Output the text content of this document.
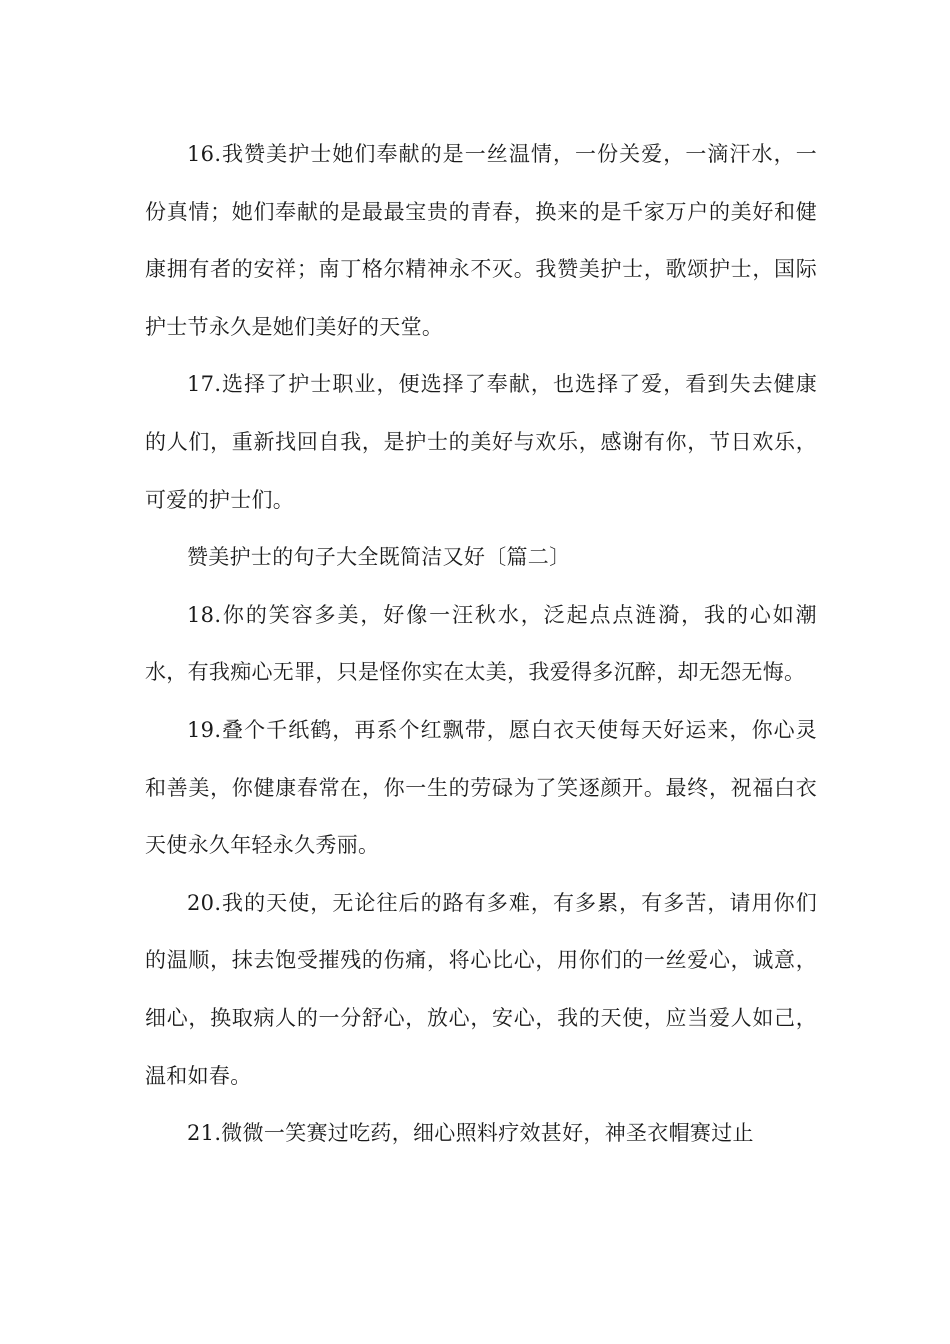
16.我赞美护士她们奉献的是一丝温情，一份关爱，一滴汗水，一份真情；她们奉献的是最最宝贵的青春，换来的是千家万户的美好和健康拥有者的安祥；南丁格尔精神永不灭。我赞美护士，歌颂护士，国际护士节永久是她们美好的天堂。

17.选择了护士职业，便选择了奉献，也选择了爱，看到失去健康的人们，重新找回自我，是护士的美好与欢乐，感谢有你，节日欢乐，可爱的护士们。

赞美护士的句子大全既简洁又好〔篇二〕

18.你的笑容多美，好像一汪秋水，泛起点点涟漪，我的心如潮水，有我痴心无罪，只是怪你实在太美，我爱得多沉醉，却无怨无悔。

19.叠个千纸鹤，再系个红飘带，愿白衣天使每天好运来，你心灵和善美，你健康春常在，你一生的劳碌为了笑逐颜开。最终，祝福白衣天使永久年轻永久秀丽。

20.我的天使，无论往后的路有多难，有多累，有多苦，请用你们的温顺，抹去饱受摧残的伤痛，将心比心，用你们的一丝爱心，诚意，细心，换取病人的一分舒心，放心，安心，我的天使，应当爱人如己，温和如春。

21.微微一笑赛过吃药，细心照料疗效甚好，神圣衣帽赛过止
